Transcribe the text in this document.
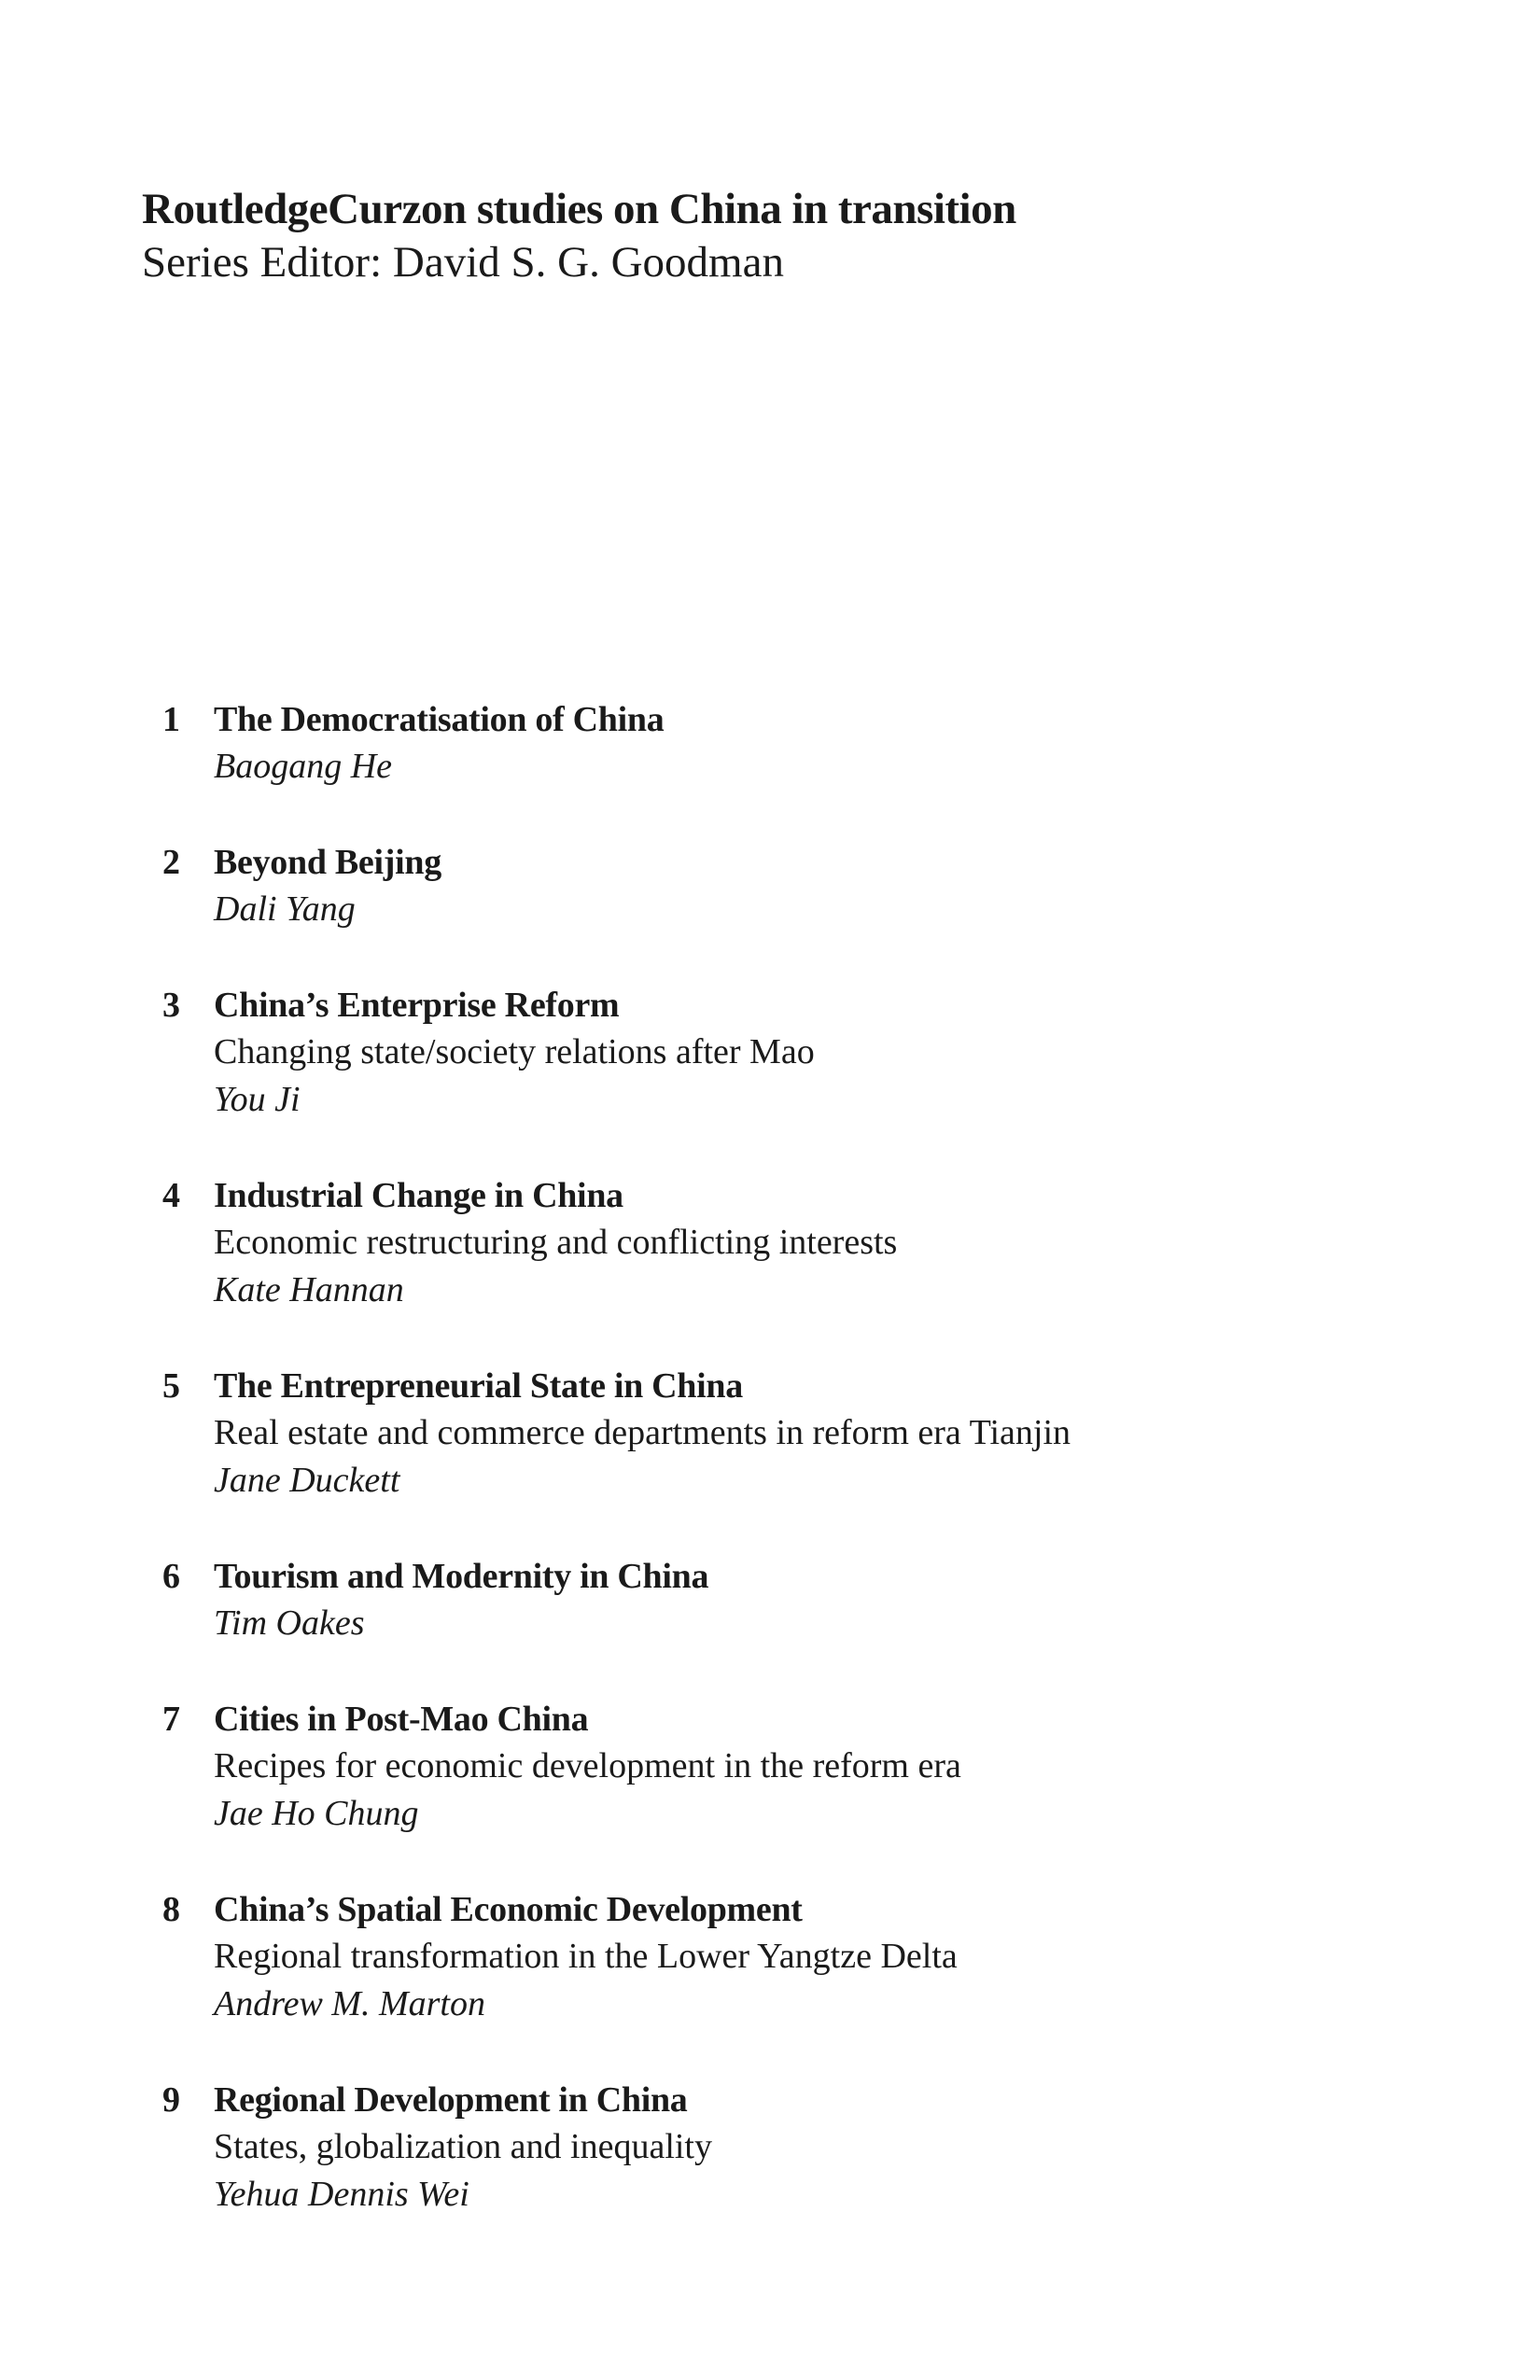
RoutledgeCurzon studies on China in transition
Series Editor: David S. G. Goodman
1 The Democratisation of China
Baogang He
2 Beyond Beijing
Dali Yang
3 China’s Enterprise Reform
Changing state/society relations after Mao
You Ji
4 Industrial Change in China
Economic restructuring and conflicting interests
Kate Hannan
5 The Entrepreneurial State in China
Real estate and commerce departments in reform era Tianjin
Jane Duckett
6 Tourism and Modernity in China
Tim Oakes
7 Cities in Post-Mao China
Recipes for economic development in the reform era
Jae Ho Chung
8 China’s Spatial Economic Development
Regional transformation in the Lower Yangtze Delta
Andrew M. Marton
9 Regional Development in China
States, globalization and inequality
Yehua Dennis Wei
